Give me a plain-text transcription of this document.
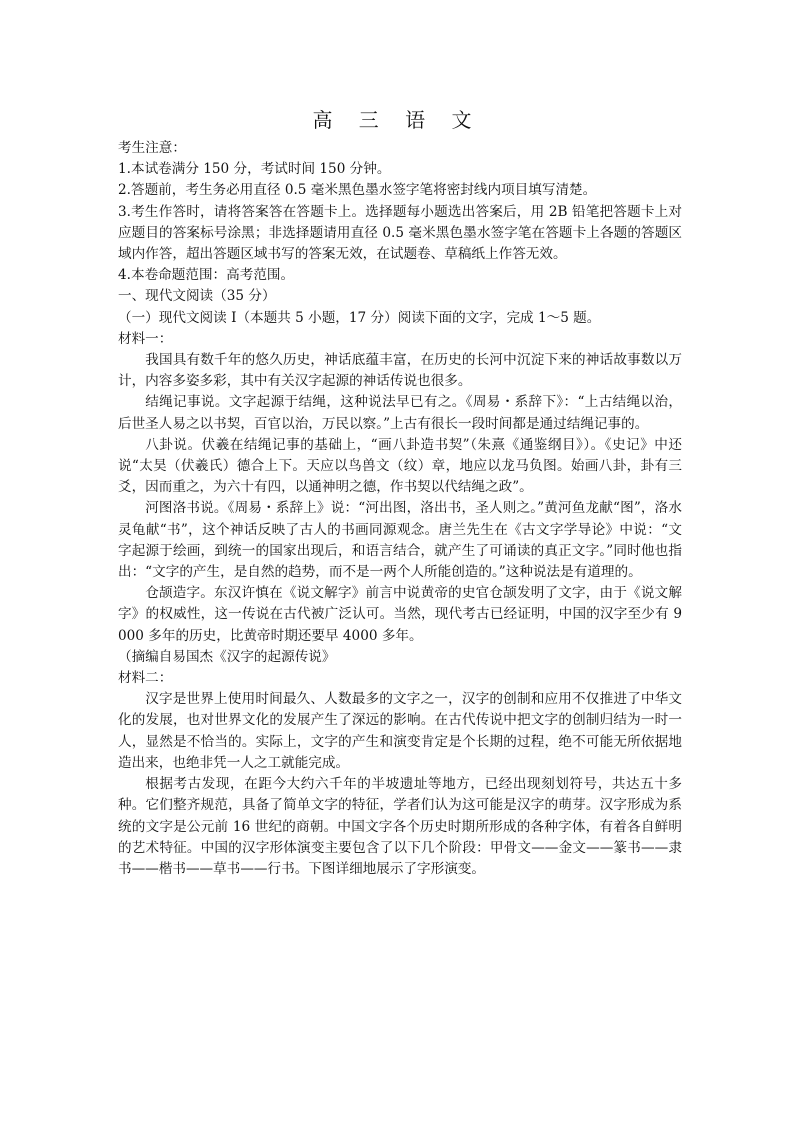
高 三 语 文

考生注意：

1.本试卷满分 150 分，考试时间 150 分钟。

2.答题前，考生务必用直径 0.5 毫米黑色墨水签字笔将密封线内项目填写清楚。

3.考生作答时，请将答案答在答题卡上。选择题每小题选出答案后，用 2B 铅笔把答题卡上对应题目的答案标号涂黑；非选择题请用直径 0.5 毫米黑色墨水签字笔在答题卡上各题的答题区域内作答，超出答题区域书写的答案无效，在试题卷、草稿纸上作答无效。

4.本卷命题范围：高考范围。

一、现代文阅读（35 分）

（一）现代文阅读 I（本题共 5 小题，17 分）阅读下面的文字，完成 1～5 题。

材料一：

我国具有数千年的悠久历史，神话底蕴丰富，在历史的长河中沉淀下来的神话故事数以万计，内容多姿多彩，其中有关汉字起源的神话传说也很多。

结绳记事说。文字起源于结绳，这种说法早已有之。《周易・系辞下》：“上古结绳以治，后世圣人易之以书契，百官以治，万民以察。”上古有很长一段时间都是通过结绳记事的。

八卦说。伏羲在结绳记事的基础上，“画八卦造书契”（朱熹《通鉴纲目》）。《史记》中还说“太昊（伏羲氏）德合上下。天应以鸟兽文（纹）章，地应以龙马负图。始画八卦，卦有三爻，因而重之，为六十有四，以通神明之德，作书契以代结绳之政”。

河图洛书说。《周易・系辞上》说：“河出图，洛出书，圣人则之。”黄河鱼龙献“图”，洛水灵龟献“书”，这个神话反映了古人的书画同源观念。唐兰先生在《古文字学导论》中说：“文字起源于绘画，到统一的国家出现后，和语言结合，就产生了可诵读的真正文字。”同时他也指出：“文字的产生，是自然的趋势，而不是一两个人所能创造的。”这种说法是有道理的。

仓颉造字。东汉许慎在《说文解字》前言中说黄帝的史官仓颉发明了文字，由于《说文解字》的权威性，这一传说在古代被广泛认可。当然，现代考古已经证明，中国的汉字至少有 9000 多年的历史，比黄帝时期还要早 4000 多年。

（摘编自易国杰《汉字的起源传说》

材料二：

汉字是世界上使用时间最久、人数最多的文字之一，汉字的创制和应用不仅推进了中华文化的发展，也对世界文化的发展产生了深远的影响。在古代传说中把文字的创制归结为一时一人，显然是不恰当的。实际上，文字的产生和演变肯定是个长期的过程，绝不可能无所依据地造出来，也绝非凭一人之工就能完成。

根据考古发现，在距今大约六千年的半坡遗址等地方，已经出现刻划符号，共达五十多种。它们整齐规范，具备了简单文字的特征，学者们认为这可能是汉字的萌芽。汉字形成为系统的文字是公元前 16 世纪的商朝。中国文字各个历史时期所形成的各种字体，有着各自鲜明的艺术特征。中国的汉字形体演变主要包含了以下几个阶段：甲骨文——金文——篆书——隶书——楷书——草书——行书。下图详细地展示了字形演变。
